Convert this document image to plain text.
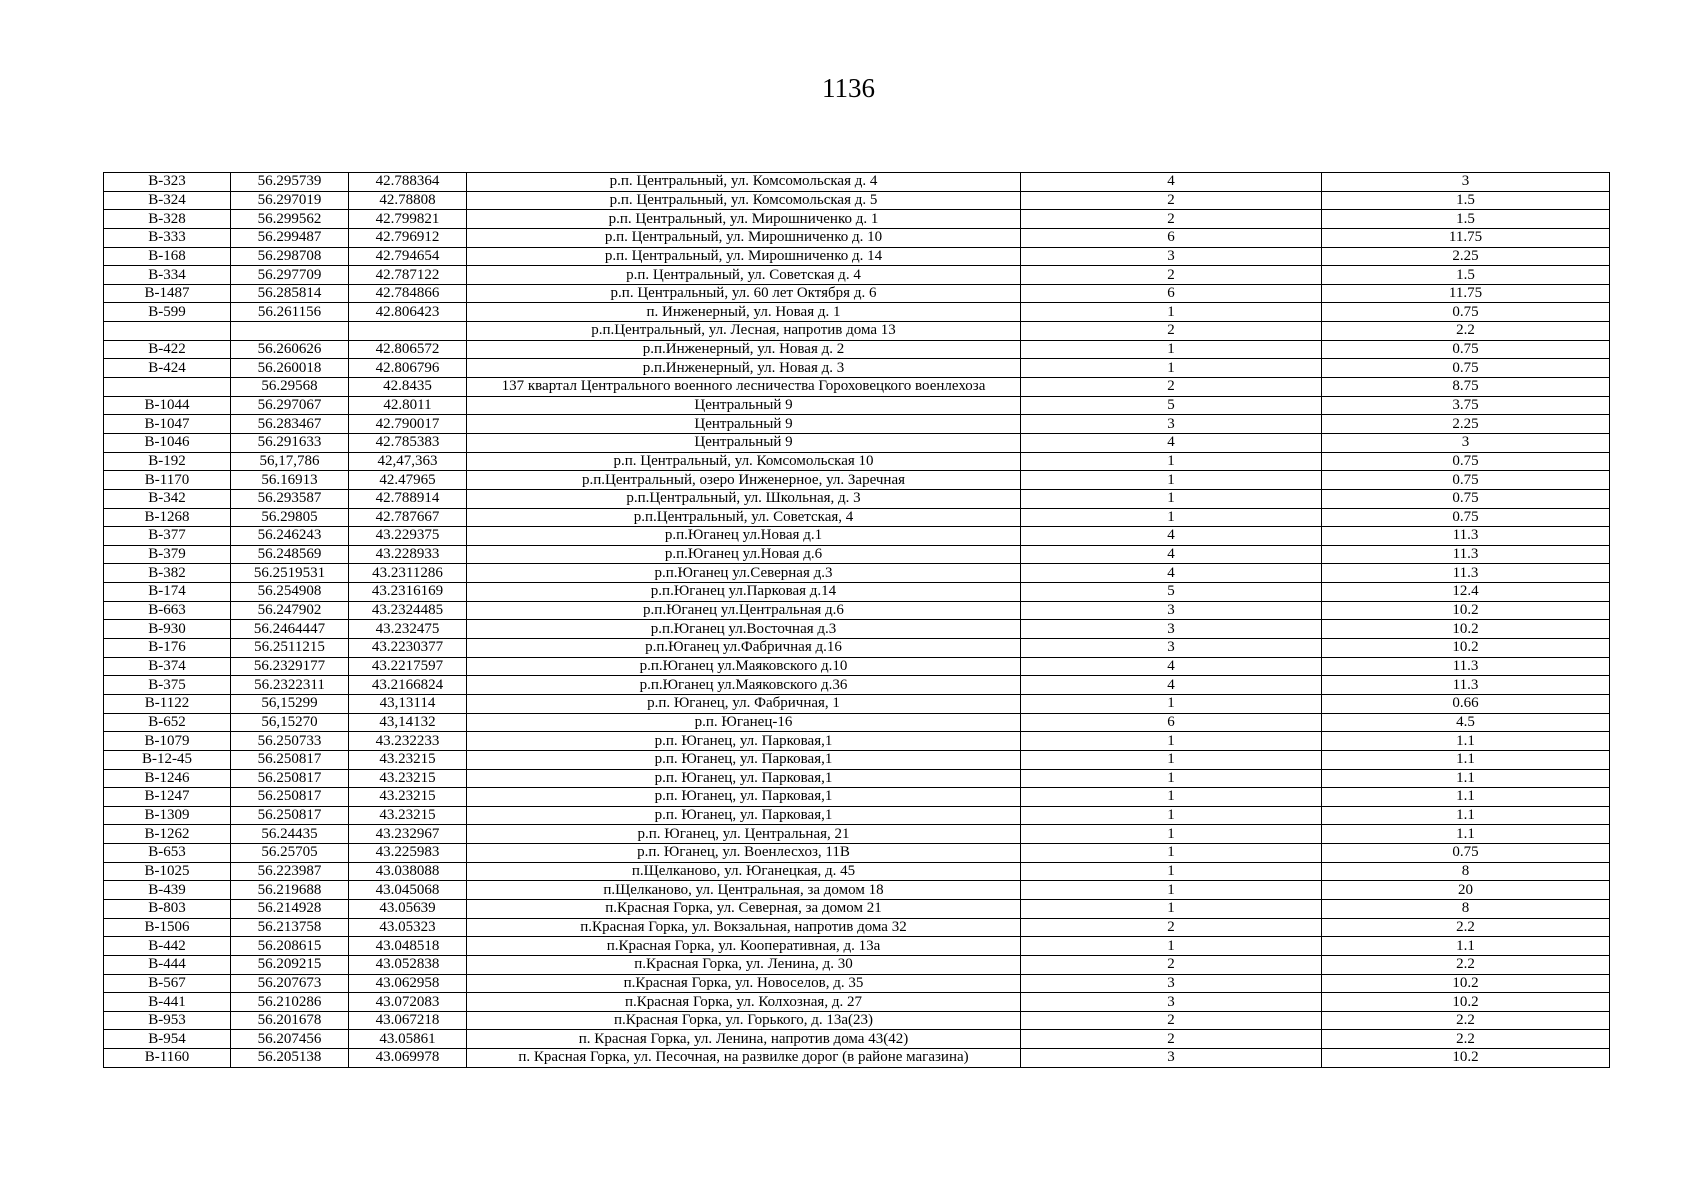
1136
В-323	56.295739	42.788364	р.п. Центральный, ул. Комсомольская д. 4	4	3
В-324	56.297019	42.78808	р.п. Центральный, ул. Комсомольская д. 5	2	1.5
В-328	56.299562	42.799821	р.п. Центральный, ул. Мирошниченко д. 1	2	1.5
В-333	56.299487	42.796912	р.п. Центральный, ул. Мирошниченко д. 10	6	11.75
В-168	56.298708	42.794654	р.п. Центральный, ул. Мирошниченко д. 14	3	2.25
В-334	56.297709	42.787122	р.п. Центральный, ул. Советская д. 4	2	1.5
В-1487	56.285814	42.784866	р.п. Центральный, ул. 60 лет Октября д. 6	6	11.75
В-599	56.261156	42.806423	п. Инженерный, ул. Новая д. 1	1	0.75
			р.п.Центральный, ул. Лесная, напротив дома 13	2	2.2
В-422	56.260626	42.806572	р.п.Инженерный, ул. Новая д. 2	1	0.75
В-424	56.260018	42.806796	р.п.Инженерный, ул. Новая д. 3	1	0.75
	56.29568	42.8435	137 квартал Центрального военного лесничества Гороховецкого военлехоза	2	8.75
В-1044	56.297067	42.8011	Центральный 9	5	3.75
В-1047	56.283467	42.790017	Центральный 9	3	2.25
В-1046	56.291633	42.785383	Центральный 9	4	3
В-192	56,17,786	42,47,363	р.п. Центральный, ул. Комсомольская 10	1	0.75
В-1170	56.16913	42.47965	р.п.Центральный, озеро Инженерное, ул. Заречная	1	0.75
В-342	56.293587	42.788914	р.п.Центральный, ул. Школьная, д. 3	1	0.75
В-1268	56.29805	42.787667	р.п.Центральный, ул. Советская, 4	1	0.75
В-377	56.246243	43.229375	р.п.Юганец ул.Новая д.1	4	11.3
В-379	56.248569	43.228933	р.п.Юганец ул.Новая д.6	4	11.3
В-382	56.2519531	43.2311286	р.п.Юганец ул.Северная д.3	4	11.3
В-174	56.254908	43.2316169	р.п.Юганец ул.Парковая д.14	5	12.4
В-663	56.247902	43.2324485	р.п.Юганец ул.Центральная д.6	3	10.2
В-930	56.2464447	43.232475	р.п.Юганец ул.Восточная д.3	3	10.2
В-176	56.2511215	43.2230377	р.п.Юганец ул.Фабричная д.16	3	10.2
В-374	56.2329177	43.2217597	р.п.Юганец ул.Маяковского д.10	4	11.3
В-375	56.2322311	43.2166824	р.п.Юганец ул.Маяковского д.36	4	11.3
В-1122	56,15299	43,13114	р.п. Юганец, ул. Фабричная, 1	1	0.66
В-652	56,15270	43,14132	р.п. Юганец-16	6	4.5
В-1079	56.250733	43.232233	р.п. Юганец, ул. Парковая,1	1	1.1
В-12-45	56.250817	43.23215	р.п. Юганец, ул. Парковая,1	1	1.1
В-1246	56.250817	43.23215	р.п. Юганец, ул. Парковая,1	1	1.1
В-1247	56.250817	43.23215	р.п. Юганец, ул. Парковая,1	1	1.1
В-1309	56.250817	43.23215	р.п. Юганец, ул. Парковая,1	1	1.1
В-1262	56.24435	43.232967	р.п. Юганец, ул. Центральная, 21	1	1.1
В-653	56.25705	43.225983	р.п. Юганец, ул. Военлесхоз, 11В	1	0.75
В-1025	56.223987	43.038088	п.Щелканово, ул. Юганецкая, д. 45	1	8
В-439	56.219688	43.045068	п.Щелканово, ул. Центральная, за домом 18	1	20
В-803	56.214928	43.05639	п.Красная Горка, ул. Северная, за домом 21	1	8
В-1506	56.213758	43.05323	п.Красная Горка, ул. Вокзальная, напротив дома 32	2	2.2
В-442	56.208615	43.048518	п.Красная Горка, ул. Кооперативная, д. 13а	1	1.1
В-444	56.209215	43.052838	п.Красная Горка, ул. Ленина, д. 30	2	2.2
В-567	56.207673	43.062958	п.Красная Горка, ул. Новоселов, д. 35	3	10.2
В-441	56.210286	43.072083	п.Красная Горка, ул. Колхозная, д. 27	3	10.2
В-953	56.201678	43.067218	п.Красная Горка, ул. Горького, д. 13а(23)	2	2.2
В-954	56.207456	43.05861	п. Красная Горка, ул. Ленина, напротив дома 43(42)	2	2.2
В-1160	56.205138	43.069978	п. Красная Горка, ул. Песочная, на развилке дорог (в районе магазина)	3	10.2
